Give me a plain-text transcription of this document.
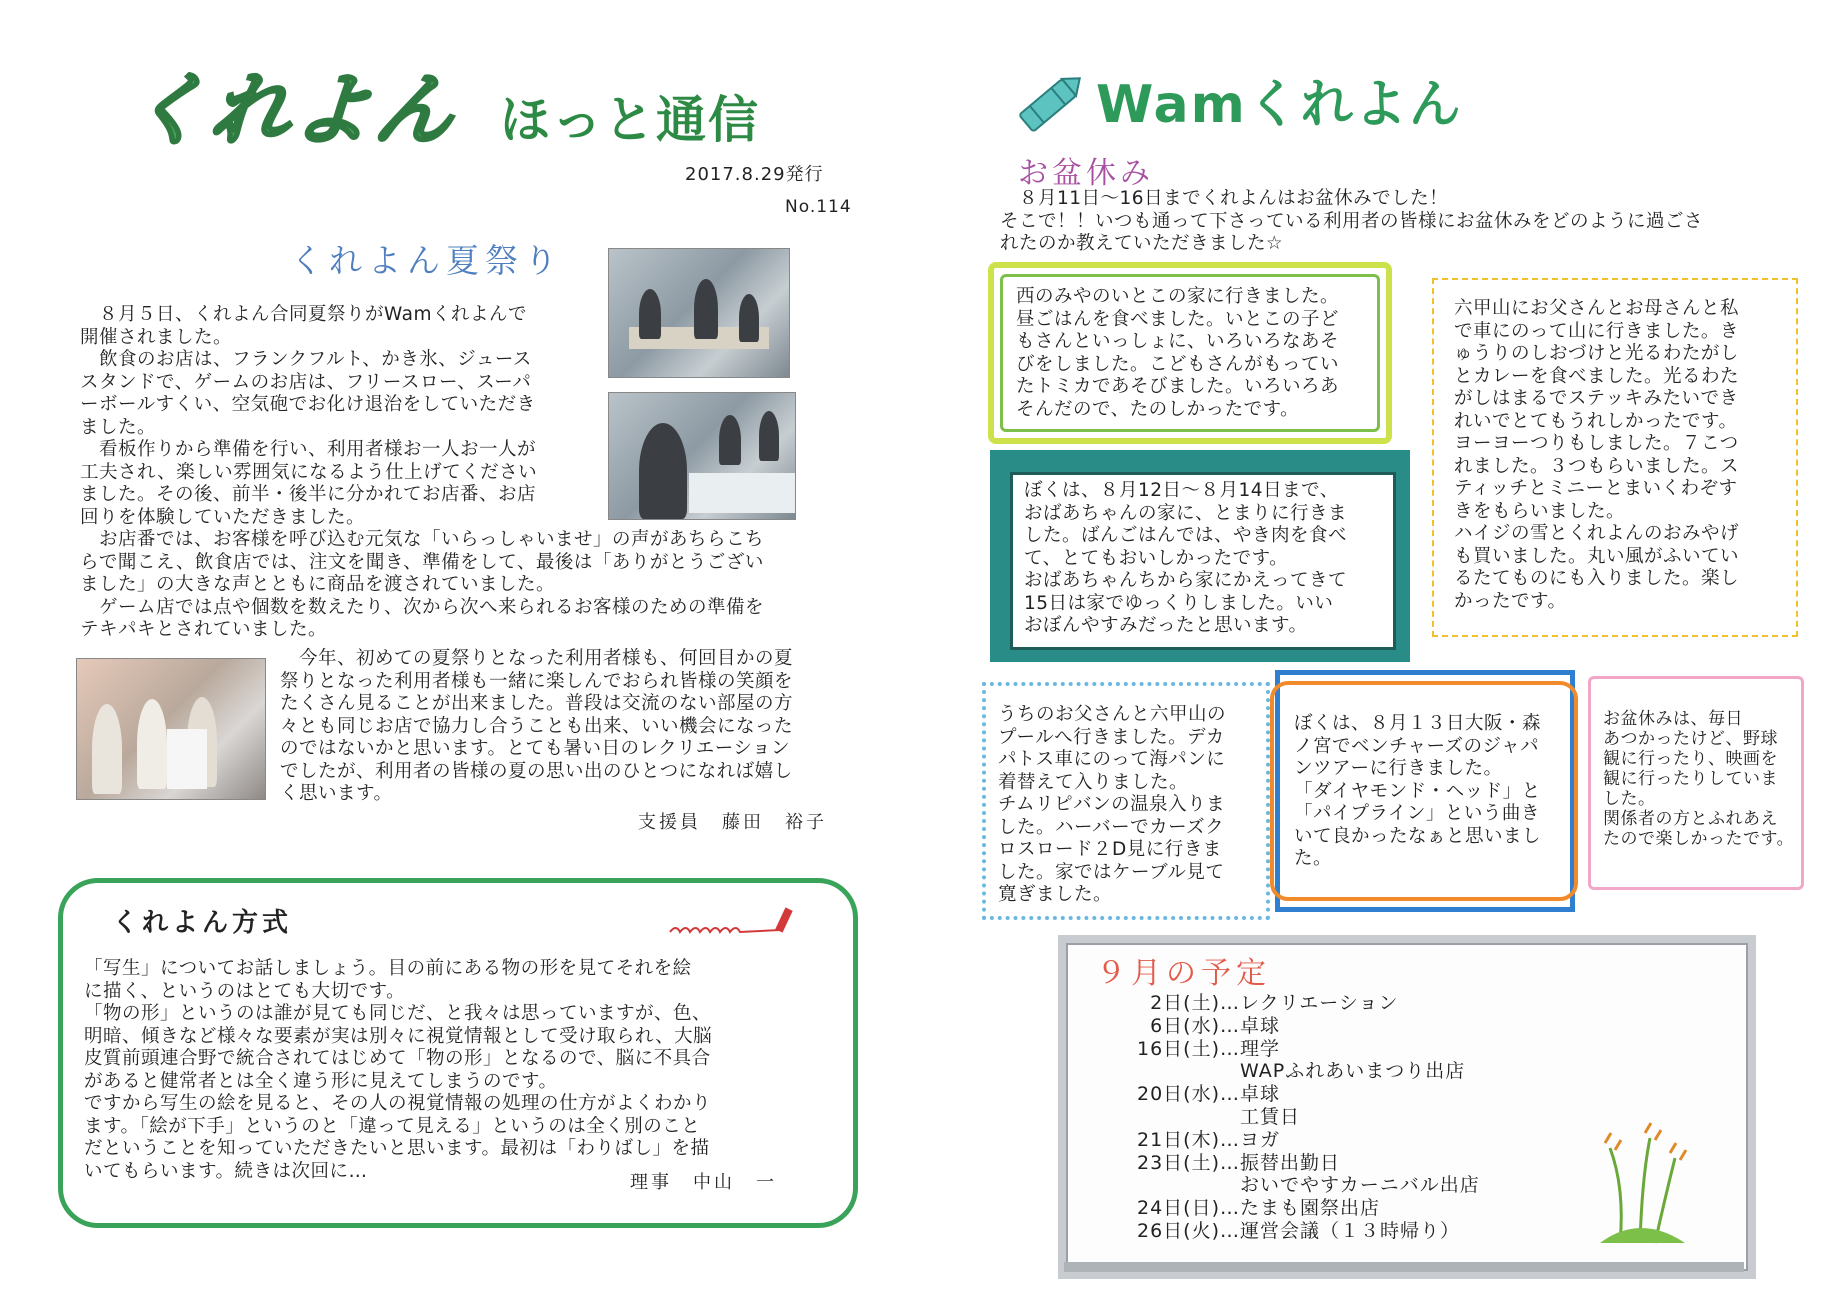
くれよん ほっと通信
2017.8.29発行
No.114
くれよん夏祭り
　８月５日、くれよん合同夏祭りがWamくれよんで
開催されました。
　飲食のお店は、フランクフルト、かき氷、ジュース
スタンドで、ゲームのお店は、フリースロー、スーパ
ーボールすくい、空気砲でお化け退治をしていただき
ました。
　看板作りから準備を行い、利用者様お一人お一人が
工夫され、楽しい雰囲気になるよう仕上げてください
ました。その後、前半・後半に分かれてお店番、お店
回りを体験していただきました。
　お店番では、お客様を呼び込む元気な「いらっしゃいませ」の声があちらこち
らで聞こえ、飲食店では、注文を聞き、準備をして、最後は「ありがとうござい
ました」の大きな声とともに商品を渡されていました。
　ゲーム店では点や個数を数えたり、次から次へ来られるお客様のための準備を
テキパキとされていました。
　今年、初めての夏祭りとなった利用者様も、何回目かの夏
祭りとなった利用者様も一緒に楽しんでおられ皆様の笑顔を
たくさん見ることが出来ました。普段は交流のない部屋の方
々とも同じお店で協力し合うことも出来、いい機会になった
のではないかと思います。とても暑い日のレクリエーション
でしたが、利用者の皆様の夏の思い出のひとつになれば嬉し
く思います。
支援員　藤田　裕子
くれよん方式
「写生」についてお話しましょう。目の前にある物の形を見てそれを絵
に描く、というのはとても大切です。
「物の形」というのは誰が見ても同じだ、と我々は思っていますが、色、
明暗、傾きなど様々な要素が実は別々に視覚情報として受け取られ、大脳
皮質前頭連合野で統合されてはじめて「物の形」となるので、脳に不具合
があると健常者とは全く違う形に見えてしまうのです。
ですから写生の絵を見ると、その人の視覚情報の処理の仕方がよくわかり
ます。「絵が下手」というのと「違って見える」というのは全く別のこと
だということを知っていただきたいと思います。最初は「わりばし」を描
いてもらいます。続きは次回に…
理事　中山　一
Wamくれよん
お盆休み
　８月11日～16日までくれよんはお盆休みでした！
そこで！！いつも通って下さっている利用者の皆様にお盆休みをどのように過ごさ
れたのか教えていただきました☆
西のみやのいとこの家に行きました。
昼ごはんを食べました。いとこの子ど
もさんといっしょに、いろいろなあそ
びをしました。こどもさんがもってい
たトミカであそびました。いろいろあ
そんだので、たのしかったです。
ぼくは、８月12日～８月14日まで、
おばあちゃんの家に、とまりに行きま
した。ばんごはんでは、やき肉を食べ
て、とてもおいしかったです。
おばあちゃんちから家にかえってきて
15日は家でゆっくりしました。いい
おぼんやすみだったと思います。
六甲山にお父さんとお母さんと私
で車にのって山に行きました。き
ゅうりのしおづけと光るわたがし
とカレーを食べました。光るわた
がしはまるでステッキみたいでき
れいでとてもうれしかったです。
ヨーヨーつりもしました。７こつ
れました。３つもらいました。ス
ティッチとミニーとまいくわぞす
きをもらいました。
ハイジの雪とくれよんのおみやげ
も買いました。丸い風がふいてい
るたてものにも入りました。楽し
かったです。
うちのお父さんと六甲山の
プールへ行きました。デカ
パトス車にのって海パンに
着替えて入りました。
チムリピバンの温泉入りま
した。ハーバーでカーズク
ロスロード２D見に行きま
した。家ではケーブル見て
寛ぎました。
ぼくは、８月１３日大阪・森
ノ宮でベンチャーズのジャパ
ンツアーに行きました。
「ダイヤモンド・ヘッド」と
「パイプライン」という曲き
いて良かったなぁと思いまし
た。
お盆休みは、毎日
あつかったけど、野球
観に行ったり、映画を
観に行ったりしていま
した。
関係者の方とふれあえ
たので楽しかったです。
９月の予定
2日(土)… レクリエーション
6日(水)… 卓球
16日(土)… 理学
WAPふれあいまつり出店
20日(水)… 卓球
工賃日
21日(木)… ヨガ
23日(土)… 振替出勤日
おいでやすカーニバル出店
24日(日)… たまも園祭出店
26日(火)… 運営会議（１３時帰り）
